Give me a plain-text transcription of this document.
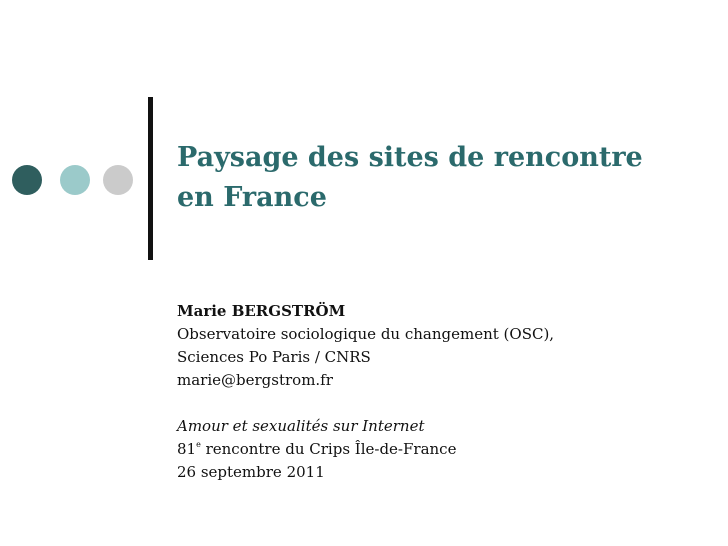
Paysage des sites de rencontre
en France
Marie BERGSTRÖM
Observatoire sociologique du changement (OSC),
Sciences Po Paris / CNRS
marie@bergstrom.fr
Amour et sexualités sur Internet
81e rencontre du Crips Île-de-France
26 septembre 2011
